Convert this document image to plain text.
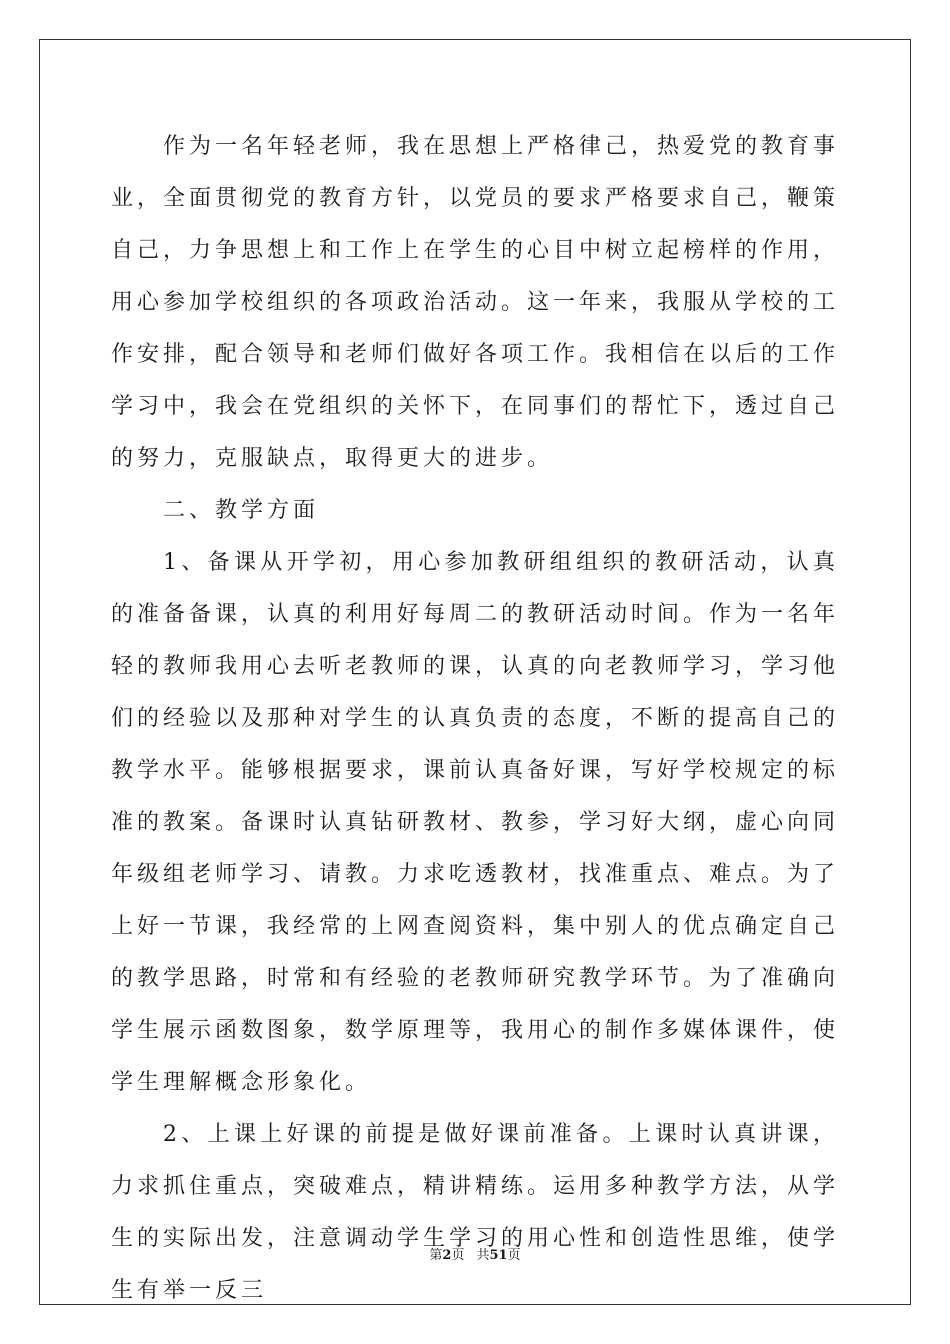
作为一名年轻老师，我在思想上严格律己，热爱党的教育事业，全面贯彻党的教育方针，以党员的要求严格要求自己，鞭策自己，力争思想上和工作上在学生的心目中树立起榜样的作用，用心参加学校组织的各项政治活动。这一年来，我服从学校的工作安排，配合领导和老师们做好各项工作。我相信在以后的工作学习中，我会在党组织的关怀下，在同事们的帮忙下，透过自己的努力，克服缺点，取得更大的进步。

二、教学方面

1、备课从开学初，用心参加教研组组织的教研活动，认真的准备备课，认真的利用好每周二的教研活动时间。作为一名年轻的教师我用心去听老教师的课，认真的向老教师学习，学习他们的经验以及那种对学生的认真负责的态度，不断的提高自己的教学水平。能够根据要求，课前认真备好课，写好学校规定的标准的教案。备课时认真钻研教材、教参，学习好大纲，虚心向同年级组老师学习、请教。力求吃透教材，找准重点、难点。为了上好一节课，我经常的上网查阅资料，集中别人的优点确定自己的教学思路，时常和有经验的老教师研究教学环节。为了准确向学生展示函数图象，数学原理等，我用心的制作多媒体课件，使学生理解概念形象化。

2、上课上好课的前提是做好课前准备。上课时认真讲课，力求抓住重点，突破难点，精讲精练。运用多种教学方法，从学生的实际出发，注意调动学生学习的用心性和创造性思维，使学生有举一反三

第2页 共51页
